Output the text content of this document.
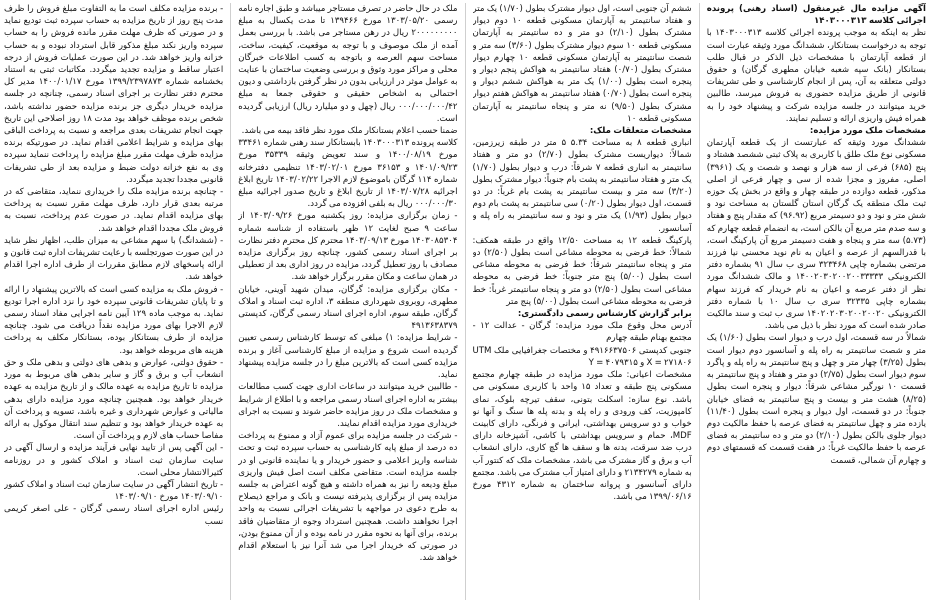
آگهی مزایده مال غیرمنقول (اسناد رهنی) پرونده اجرائی کلاسه ۱۴۰۳۰۰۰۳۱۳

نظر به اینکه به موجب پرونده اجرائی کلاسه ۱۴۰۳۰۰۰۳۱۳ با توجه به درخواست بستانکار، ششدانگ مورد وثیقه عبارت است از قطعه آپارتمان با مشخصات ذیل الذکر در قبال طلب بستانکار (بانک سپه شعبه خیابان مطهری گرگان) و حقوق دولتی متعلقه به آن، پس از انجام کارشناسی و طی تشریفات قانونی از طریق مزایده حضوری به فروش میرسد، طالبین خرید میتوانند در جلسه مزایده شرکت و پیشنهاد خود را به همراه فیش واریزی ارائه و تسلیم نمایند.

مشخصات ملک مورد مزایده:

ششدانگ مورد وثیقه که عبارتست از یک قطعه آپارتمان مسکونی نوع ملک طلق با کاربری به پلاک ثبتی ششصد هشتاد و پنج (۶۸۵) فرعی از سه هزار و نهصد و شصت و یک (۳۹۶۱) اصلی، مفروز و مجزا شده از سی و چهار فرعی از اصلی مذکور، قطعه دوازده در طبقه چهار و واقع در بخش یک حوزه ثبت ملک منطقه یک گرگان استان گلستان به مساحت نود و شش متر و نود و دو دسیمتر مربع (۹۶.۹۲) که مقدار پنج و هفتاد و سه صدم متر مربع آن بالکن است، به انضمام قطعه چهارم که (۵.۷۳) سه متر و پنجاه و هفت دسیمتر مربع آن پارکینگ است، با قدرالسهم از عرصه و اعیان به نام نوید محسنی نیا فرزند مرتضی بشماره چاپی ۳۲۳۴۶۸ سری ب سال ۹۱ بشماره دفتر الکترونیکی ۱۴۰۰۲۰۳۰۲۰۰۲۰۰۳۳۳۳۳ و مالک ششدانگ مورد نظر از دفتر عرصه و اعیان به نام خریدار که فرزند سهام بشماره چاپی ۳۲۳۳۵ سری ب سال ۱۰ با شماره دفتر الکترونیکی ۱۴۰۲۰۲۰۳۰۲۰۰۲۰۰۲۰ سری ب ثبت و سند مالکیت صادر شده است که مورد نظر با ذیل می باشد.

شمالاً در سه قسمت، اول درب و دیوار است بطول (۱/۶۰) یک متر و شصت سانتیمتر به راه پله و آسانسور دوم دیوار است بطول (۳/۲۵) چهار متر و چهل و پنج سانتیمتر به راه پله و پاگرد سوم دیوار است بطول (۲/۷۵) دو متر و هفتاد و پنج سانتیمتر به قسمت ۱۰ نورگیر مشاعی شرقاً: دیوار و پنجره است بطول (۸/۲۵) هشت متر و بیست و پنج سانتیمتر به فضای خیابان جنوباً: در دو قسمت، اول دیوار و پنجره است بطول (۱۱/۴۰) یازده متر و چهل سانتیمتر به فضای عرصه با حفظ مالکیت دوم دیوار جلوی بالکن بطول (۲/۱۰) دو متر و ده سانتیمتر به فضای عرصه با حفظ مالکیت غرباً: در هفت قسمت که قسمتهای دوم و چهارم آن شمالی، قسمت

ششم آن جنوبی است، اول دیوار مشترک بطول (۱/۷۰) یک متر و هفتاد سانتیمتر به آپارتمان مسکونی قطعه ۱۰ دوم دیوار مشترک بطول (۲/۱۰) دو متر و ده سانتیمتر به آپارتمان مسکونی قطعه ۱۰ سوم دیوار مشترک بطول (۳/۶۰) سه متر و شصت سانتیمتر به آپارتمان مسکونی قطعه ۱۰ چهارم دیوار مشترک بطول (۰/۷۰) هفتاد سانتیمتر به هواکش پنجم دیوار و پنجره است بطول (۱/۰۰) یک متر به هواکش ششم دیوار و پنجره است بطول (۰/۷۰) هفتاد سانتیمتر به هواکش هفتم دیوار مشترک بطول (۹/۵۰) نه متر و پنجاه سانتیمتر به آپارتمان مسکونی قطعه ۱۰

مشخصات متعلقات ملک:

انباری قطعه ۸ به مساحت ۵.۳۴ ۵ متر در طبقه زیرزمین، شمالاً: دیواریست مشترک بطول (۲/۷۰) دو متر و هفتاد سانتیمتر به انباری قطعه ۷ شرقاً: درب و دیوار بطول (۱/۷۰) یک متر و هفتاد سانتیمتر به پشت بام جنوباً: دیوار مشترک بطول (۳/۲۰) سه متر و بیست سانتیمتر به پشت بام غرباً: در دو قسمت، اول دیوار بطول (۰/۲۰) سی سانتیمتر به پشت بام دوم دیوار بطول (۱/۹۳) یک متر و نود و سه سانتیمتر به راه پله و آسانسور.

پارکینگ قطعه ۱۲ به مساحت ۱۲/۵۰ واقع در طبقه همکف: شمالاً: خط فرضی به محوطه مشاعی است بطول (۲/۵۰) دو متر و پنجاه سانتیمتر شرقاً: خط فرضی به محوطه مشاعی است بطول (۵/۰۰) پنج متر جنوباً: خط فرضی به محوطه مشاعی است بطول (۲/۵۰) دو متر و پنجاه سانتیمتر غرباً: خط فرضی به محوطه مشاعی است بطول (۵/۰۰) پنج متر

برابر گزارش کارشناس رسمی دادگستری:

آدرس محل وقوع ملک مورد مزایده: گرگان - عدالت ۱۲ - مجتمع بهنام طبقه چهارم

جنوبی کدپستی ۴۹۱۶۶۳۷۵۰۶ و مختصات جغرافیایی ملک UTM X = ۲۷۱۸۰۶ و Y = ۴۰۷۹۳۱۵

مشخصات اعیانی: ملک مورد مزایده در طبقه چهارم مجتمع مسکونی پنج طبقه و تعداد ۱۵ واحد با کاربری مسکونی می باشد. نوع سازه: اسکلت بتونی، سقف تیرچه بلوک، نمای کامپوزیت، کف ورودی و راه پله و بدنه پله ها سنگ و آنها نو خواب و دو سرویس بهداشتی، ایرانی و فرنگی، دارای کابینت MDF، حمام و سرویس بهداشتی با کاشی، آشپزخانه دارای درب ضد سرقت، بدنه ها و سقف ها گچ کاری، دارای انشعاب آب و برق و گاز مشترک می باشد، مشخصات ملک که کنتور آب به شماره ۲۱۳۴۲۷۹ و دارای امتیاز آب مشترک می باشد. مجتمع دارای آسانسور و پروانه ساختمان به شماره ۴۳۱۲ مورخ ۱۳۹۹/۰۶/۱۶ می باشد.

ملک در حال حاضر در تصرف مستاجر میباشد و طبق اجاره نامه رسمی ۱۳۰۳/۰۵/۲۰ مورخ ۱۳۹۴۶۶ تا مدت یکسال به مبلغ ۲۰۰۰۰۰۰۰۰۰ ریال در رهن مستاجر می باشد. با بررسی بعمل آمده از ملک موصوف و با توجه به موقعیت، کیفیت، ساخت، مساحت سهم العرصه و باتوجه به کسب اطلاعات خبرگان محلی و مراکز مورد وثوق و بررسی وضعیت ساختمان با عنایت به عوامل موثر در ارزیابی بدون در نظر گرفتن بازداشتی و دیون احتمالی به اشخاص حقیقی و حقوقی جمعا به مبلغ ۰۰۰/۰۰۰/۰۰۰/۴۲ ریال (چهل و دو میلیارد ریال) ارزیابی گردیده است.

ضمنا حسب اعلام بستانکار ملک مورد نظر فاقد بیمه می باشد.

کلاسه پرونده ۱۴۰۳۰۰۰۳۱۳ بابستانکار سند رهنی شماره ۳۳۴۶۱ مورخ ۱۴۰۰/۰۸/۱۹ و سند تعویض وثیقه ۳۵۳۳۹ مورخ ۱۴۰۱/۰۹/۲۳ و ۳۶۱۵۳ مورخ ۱۴۰۳/۰۲/۰۱ تنظیمی دفترخانه شماره ۱۱۴ گرگان باموضوع لازم الاجرا ۱۴۰۳/۰۲/۲۲ تاریخ ابلاغ اجرائیه ۱۴۰۳/۰۷/۲۸ از تاریخ ابلاغ و تاریخ صدور اجرائیه مبلغ ۰۰۰/۰۰۰/۳۰ ریال به بلفی افزوده می گردد.

- زمان برگزاری مزایده: روز یکشنبه مورخ ۱۴۰۳/۰۹/۲۶ از ساعت ۹ صبح لغایت ۱۲ ظهر باستفاده از شناسه شماره ۱۴۰۳۰۸۵۳۰۴ مورخ ۱۴۰۳/۰۹/۱۳ محترم کل محترم دفتر نظارت بر اجرای اسناد رسمی کشور، چنانچه روز برگزاری مزایده مصادف با روز تعطیل گردد، مزایده در روز اداری بعد از تعطیلی در همان ساعت و مکان مقرر برگزار خواهد شد.

- مکان برگزاری مزایده: گرگان، میدان شهید آوینی، خیابان مطهری، روبروی شهرداری منطقه ۳، اداره ثبت اسناد و املاک گرگان، طبقه سوم، اداره اجرای اسناد رسمی گرگان، کدپستی ۴۹۱۳۶۳۸۳۷۹

- شرایط مزایده: ۱) مبلغی که توسط کارشناس رسمی تعیین گردیده است شروع و مزایده از مبلغ کارشناسی آغاز و برنده مزایده کسی است که بالاترین مبلغ را در جلسه مزایده پیشنهاد نماید.

- طالبین خرید میتوانند در ساعات اداری جهت کسب مطالعات بیشتر به اداره اجرای اسناد رسمی مراجعه و با اطلاع از شرایط و مشخصات ملک در روز مزایده حاضر شوند و نسبت به اجرای خریداری مورد مزایده اقدام نمایند.

- شرکت در جلسه مزایده برای عموم آزاد و ممنوع به پرداخت ده درصد از مبلغ پایه کارشناسی به حساب سپرده ثبت و تحت شناسه واریز اعلامی و حضور خریدار و یا نماینده قانونی او در جلسه مزایده است. متقاضی مکلف است اصل فیش واریزی مبلغ ودیعه را نیز به همراه داشته و هیچ گونه اعتراض به جلسه مزایده پس از برگزاری پذیرفته نیست و بانک و مراجع ذیصلاح به طرح دعوی در مواجهه با تشریفات اجرائی نسبت به واحد اجرا نخواهند داشت. همچنین استرداد وجوه از متقاضیان فاقد برنده، برای آنها به نحوه مقرر در نامه بوده و از آن ممنوع بودن، در صورتی که خریدار اجرا می شد آنرا نیز با استعلام اقدام خواهد شد.

- برنده مزایده مکلف است ما به التفاوت مبلغ فروش را ظرف مدت پنج روز از تاریخ مزایده به حساب سپرده ثبت تودیع نماید و در صورتی که ظرف مهلت مقرر مانده فروش را به حساب سپرده واریز نکند مبلغ مذکور قابل استرداد نبوده و به حساب خزانه واریز خواهد شد. در این صورت عملیات فروش از درجه اعتبار ساقط و مزایده تجدید میگردد. مکاتبات ثبتی به استناد بخشنامه شماره ۱۳۹۹/۲۳۹۷۸۷۳ مورخ ۱۴۰۰/۰۱/۱۷ مدیر کل محترم دفتر نظارت بر اجرای اسناد رسمی، چنانچه در جلسه مزایده خریدار دیگری جز برنده مزایده حضور نداشته باشد، شخص برنده موظف خواهد بود مدت ۱۸ روز اصلاحی این تاریخ جهت انجام تشریفات بعدی مراجعه و نسبت به پرداخت الباقی بهای مزایده و شرایط اعلامی اقدام نماید. در صورتیکه برنده مزایده ظرف مهلت مقرر مبلغ مزایده را پرداخت ننماید سپرده وی به نفع خزانه دولت ضبط و مزایده بعد از طی تشریفات قانونی مجددا تجدید میگردد.

- چنانچه برنده مزایده ملک را خریداری ننماید، متقاضی که در مرتبه بعدی قرار دارد، ظرف مهلت مقرر نسبت به پرداخت بهای مزایده اقدام نماید. در صورت عدم پرداخت، نسبت به فروش ملک مجددا اقدام خواهد شد.

- (ششدانگ) با سهم مشاعی به میزان طلب، اظهار نظر شاید در این صورت صورتجلسه با رعایت تشریفات اداره ثبت قانون و ارائه پاسخهای لازم مطابق مقررات از طرف اداره اجرا اقدام خواهد شد.

- فروش ملک به مزایده کسی است که بالاترین پیشنهاد را ارائه و تا پایان تشریفات قانونی سپرده خود را نزد اداره اجرا تودیع نماید. به موجب ماده ۱۲۹ آیین نامه اجرایی مفاد اسناد رسمی لازم الاجرا بهای مورد مزایده نقداً دریافت می شود. چنانچه مزایده از طرف بستانکار بوده، بستانکار مکلف به پرداخت هزینه های مربوطه خواهد بود.

- حقوق دولتی، عوارض و بدهی های دولتی و بدهی ملک و حق انشعاب آب و برق و گاز و سایر بدهی های مربوط به مورد مزایده تا تاریخ مزایده به عهده مالک و از تاریخ مزایده به عهده خریدار خواهد بود. همچنین چنانچه مورد مزایده دارای بدهی مالیاتی و عوارض شهرداری و غیره باشد، تسویه و پرداخت آن به عهده خریدار خواهد بود و تنظیم سند انتقال موکول به ارائه مفاصا حساب های لازم و پرداخت آن است.

- این آگهی پس از تایید نهایی فرآیند مزایده و ارسال آگهی در سایت سازمان ثبت اسناد و املاک کشور و در روزنامه کثیرالانتشار محلی است.

- تاریخ انتشار آگهی در سایت سازمان ثبت اسناد و املاک کشور ۱۴۰۳/۰۹/۱۰ مورخ ۱۴۰۳/۰۹/۱۰

رئیس اداره اجرای اسناد رسمی گرگان - علی اصغر کریمی نسب
